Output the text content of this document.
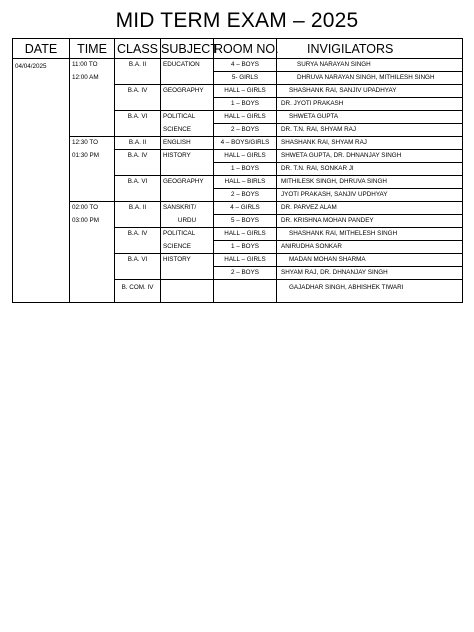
MID TERM EXAM – 2025
DATE	TIME	CLASS	SUBJECT	ROOM NO.	INVIGILATORS
04/04/2025	11:00 TO	B.A. II	EDUCATION	4 – BOYS	SURYA NARAYAN SINGH
	12:00 AM			5- GIRLS	DHRUVA NARAYAN SINGH, MITHILESH SINGH
		B.A. IV	GEOGRAPHY	HALL – GIRLS	SHASHANK RAI, SANJIV UPADHYAY
				1 – BOYS	DR. JYOTI PRAKASH
		B.A. VI	POLITICAL	HALL – GIRLS	SHWETA GUPTA
			SCIENCE	2 – BOYS	DR. T.N. RAI, SHYAM RAJ
	12:30 TO	B.A. II	ENGLISH	4 – BOYS/GIRLS	SHASHANK RAI, SHYAM RAJ
	01:30 PM	B.A. IV	HISTORY	HALL – GIRLS	SHWETA GUPTA, DR. DHNANJAY SINGH
				1 – BOYS	DR. T.N. RAI, SONKAR JI
		B.A. VI	GEOGRAPHY	HALL – BIRLS	MITHILESK SINGH, DHRUVA SINGH
				2 – BOYS	JYOTI PRAKASH, SANJIV UPDHYAY
	02:00 TO	B.A. II	SANSKRIT/	4 – GIRLS	DR. PARVEZ ALAM
	03:00 PM		URDU	5 – BOYS	DR. KRISHNA MOHAN PANDEY
		B.A. IV	POLITICAL	HALL – GIRLS	SHASHANK RAI, MITHELESH SINGH
			SCIENCE	1 – BOYS	ANIRUDHA SONKAR
		B.A. VI	HISTORY	HALL – GIRLS	MADAN MOHAN SHARMA
				2 – BOYS	SHYAM RAJ, DR. DHNANJAY SINGH
		B. COM. IV			GAJADHAR SINGH, ABHISHEK TIWARI
